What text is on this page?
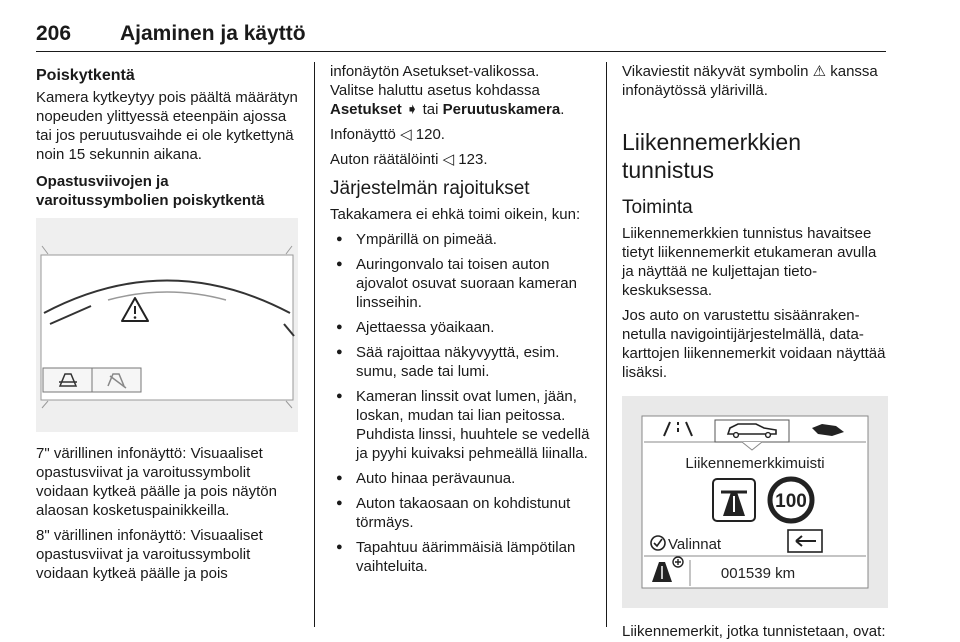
206 Ajaminen ja käyttö
Poiskytkentä

Kamera kytkeytyy pois päältä määrätyn nopeuden ylittyessä eteenpäin ajossa tai jos peruutusvaihde ei ole kytkettynä noin 15 sekunnin aikana.

Opastusviivojen ja varoitussymbolien poiskytkentä

7" värillinen infonäyttö: Visuaaliset opastusviivat ja varoitussymbolit voidaan kytkeä päälle ja pois näytön alaosan kosketuspainikkeilla.

8" värillinen infonäyttö: Visuaaliset opastusviivat ja varoitussymbolit voidaan kytkeä päälle ja pois

infonäytön Asetukset-valikossa.

Valitse haluttu asetus kohdassa Asetukset ➧ tai Peruutuskamera.

Infonäyttö ◁ 120.

Auton räätälöinti ◁ 123.

Järjestelmän rajoitukset

Takakamera ei ehkä toimi oikein, kun:

● Ympärillä on pimeää.
● Auringonvalo tai toisen auton ajovalot osuvat suoraan kameran linsseihin.
● Ajettaessa yöaikaan.
● Sää rajoittaa näkyvyyttä, esim. sumu, sade tai lumi.
● Kameran linssit ovat lumen, jään, loskan, mudan tai lian peitossa. Puhdista linssi, huuhtele se vedellä ja pyyhi kuivaksi pehmeällä liinalla.
● Auto hinaa perävaunua.
● Auton takaosaan on kohdistunut törmäys.
● Tapahtuu äärimmäisiä lämpötilan vaihteluita.

Vikaviestit näkyvät symbolin ⚠ kanssa infonäytössä ylärivillä.

Liikennemerkkien tunnistus
Toiminta

Liikennemerkkien tunnistus havaitsee tietyt liikennemerkit etukameran avulla ja näyttää ne kuljettajan tietokeskuksessa.

Jos auto on varustettu sisäänrakennetulla navigointijärjestelmällä, datakarttojen liikennemerkit voidaan näyttää lisäksi.

Liikennemerkkimuisti
100
Valinnat
001539 km

Liikennemerkit, jotka tunnistetaan, ovat:
